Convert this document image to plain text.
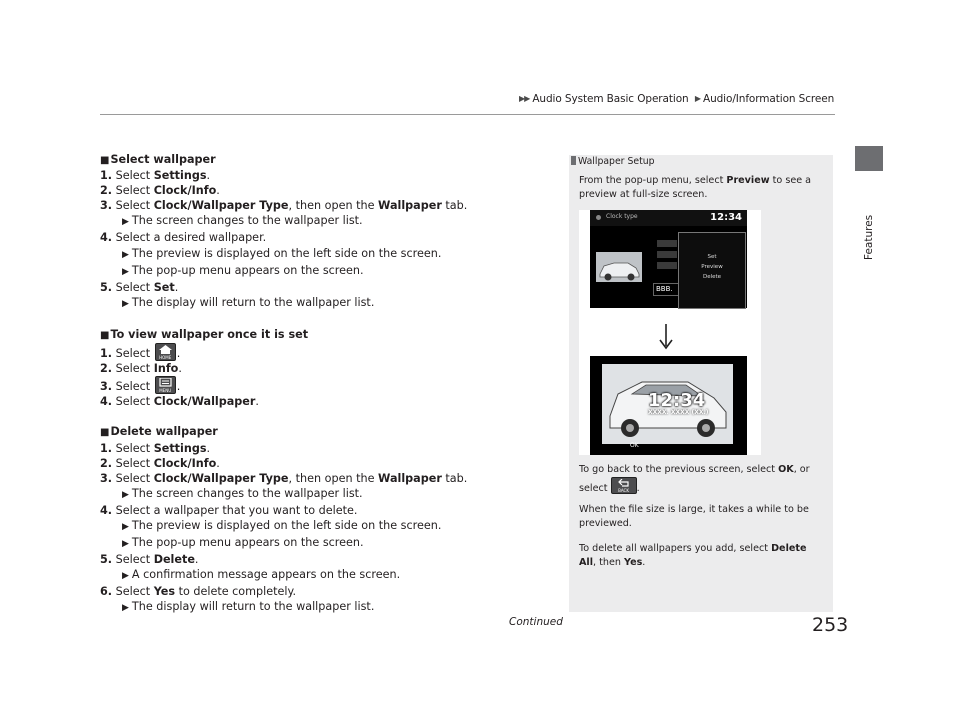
▶▶ Audio System Basic Operation ▶ Audio/Information Screen
Features

■Select wallpaper

1. Select Settings.

2. Select Clock/Info.

3. Select Clock/Wallpaper Type, then open the Wallpaper tab.

▶ The screen changes to the wallpaper list.

4. Select a desired wallpaper.

▶ The preview is displayed on the left side on the screen.

▶ The pop-up menu appears on the screen.

5. Select Set.

▶ The display will return to the wallpaper list.

■To view wallpaper once it is set

1. Select	HOME .

2. Select Info.

3. Select	MENU .

4. Select Clock/Wallpaper.

■Delete wallpaper

1. Select Settings.

2. Select Clock/Info.

3. Select Clock/Wallpaper Type, then open the Wallpaper tab.

▶ The screen changes to the wallpaper list.

4. Select a wallpaper that you want to delete.

▶ The preview is displayed on the left side on the screen.

▶ The pop-up menu appears on the screen.

5. Select Delete.

▶ A confirmation message appears on the screen.

6. Select Yes to delete completely.

▶ The display will return to the wallpaper list.

Wallpaper Setup

From the pop-up menu, select Preview to see a preview at full-size screen.

Clock type	12:34
BBB.
Set
Preview
Delete
12:34
XXXX. XXXX (XX.)
OK

To go back to the previous screen, select OK, or select	BACK .

When the file size is large, it takes a while to be previewed.

To delete all wallpapers you add, select Delete All, then Yes.

Continued	253
